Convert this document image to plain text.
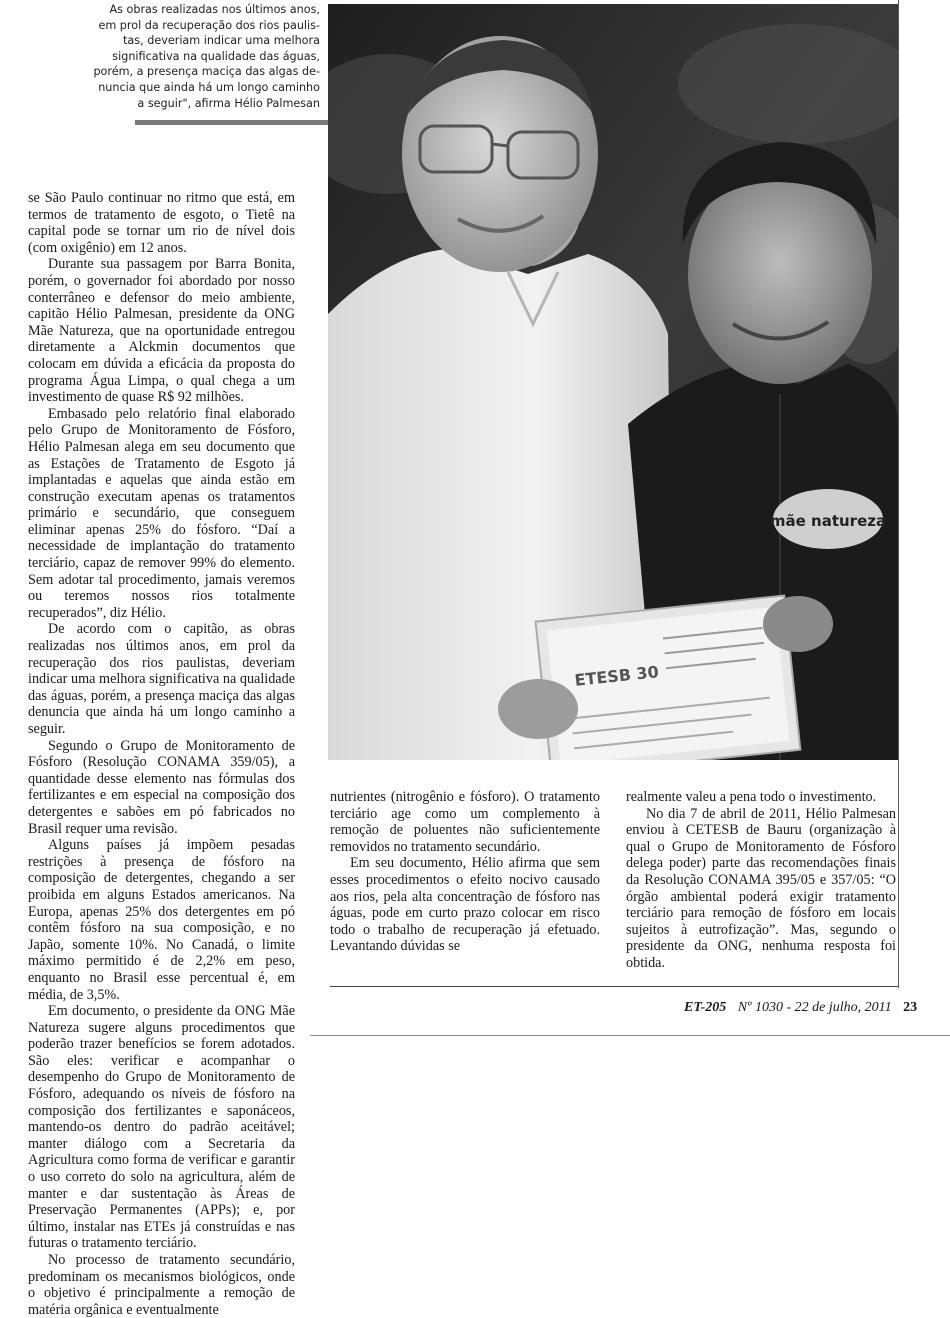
As obras realizadas nos últimos anos,
em prol da recuperação dos rios paulis-
tas, deveriam indicar uma melhora
significativa na qualidade das águas,
porém, a presença maciça das algas de-
nuncia que ainda há um longo caminho
a seguir", afirma Hélio Palmesan
mãe natureza
ETESB 30

se São Paulo continuar no ritmo que está, em termos de tratamento de esgoto, o Tietê na capital pode se tornar um rio de nível dois (com oxigênio) em 12 anos.

Durante sua passagem por Barra Bonita, porém, o governador foi abordado por nosso conterrâneo e defensor do meio ambiente, capitão Hélio Palmesan, presidente da ONG Mãe Natureza, que na oportunidade entregou diretamente a Alckmin documentos que colocam em dúvida a eficácia da proposta do programa Água Limpa, o qual chega a um investimento de quase R$ 92 milhões.

Embasado pelo relatório final elaborado pelo Grupo de Monitoramento de Fósforo, Hélio Palmesan alega em seu documento que as Estações de Tratamento de Esgoto já implantadas e aquelas que ainda estão em construção executam apenas os tratamentos primário e secundário, que conseguem eliminar apenas 25% do fósforo. “Daí a necessidade de implantação do tratamento terciário, capaz de remover 99% do elemento. Sem adotar tal procedimento, jamais veremos ou teremos nossos rios totalmente recuperados”, diz Hélio.

De acordo com o capitão, as obras realizadas nos últimos anos, em prol da recuperação dos rios paulistas, deveriam indicar uma melhora significativa na qualidade das águas, porém, a presença maciça das algas denuncia que ainda há um longo caminho a seguir.

Segundo o Grupo de Monitoramento de Fósforo (Resolução CONAMA 359/05), a quantidade desse elemento nas fórmulas dos fertilizantes e em especial na composição dos detergentes e sabões em pó fabricados no Brasil requer uma revisão.

Alguns países já impõem pesadas restrições à presença de fósforo na composição de detergentes, chegando a ser proibida em alguns Estados americanos. Na Europa, apenas 25% dos detergentes em pó contêm fósforo na sua composição, e no Japão, somente 10%. No Canadá, o limite máximo permitido é de 2,2% em peso, enquanto no Brasil esse percentual é, em média, de 3,5%.

Em documento, o presidente da ONG Mãe Natureza sugere alguns procedimentos que poderão trazer benefícios se forem adotados. São eles: verificar e acompanhar o desempenho do Grupo de Monitoramento de Fósforo, adequando os níveis de fósforo na composição dos fertilizantes e saponáceos, mantendo-os dentro do padrão aceitável; manter diálogo com a Secretaria da Agricultura como forma de verificar e garantir o uso correto do solo na agricultura, além de manter e dar sustentação às Áreas de Preservação Permanentes (APPs); e, por último, instalar nas ETEs já construídas e nas futuras o tratamento terciário.

No processo de tratamento secundário, predominam os mecanismos biológicos, onde o objetivo é principalmente a remoção de matéria orgânica e eventualmente

nutrientes (nitrogênio e fósforo). O tratamento terciário age como um complemento à remoção de poluentes não suficientemente removidos no tratamento secundário.

Em seu documento, Hélio afirma que sem esses procedimentos o efeito nocivo causado aos rios, pela alta concentração de fósforo nas águas, pode em curto prazo colocar em risco todo o trabalho de recuperação já efetuado. Levantando dúvidas se

realmente valeu a pena todo o investimento.

No dia 7 de abril de 2011, Hélio Palmesan enviou à CETESB de Bauru (organização à qual o Grupo de Monitoramento de Fósforo delega poder) parte das recomendações finais da Resolução CONAMA 395/05 e 357/05: “O órgão ambiental poderá exigir tratamento terciário para remoção de fósforo em locais sujeitos à eutrofização”. Mas, segundo o presidente da ONG, nenhuma resposta foi obtida.

ET-205 Nº 1030 - 22 de julho, 2011 23
